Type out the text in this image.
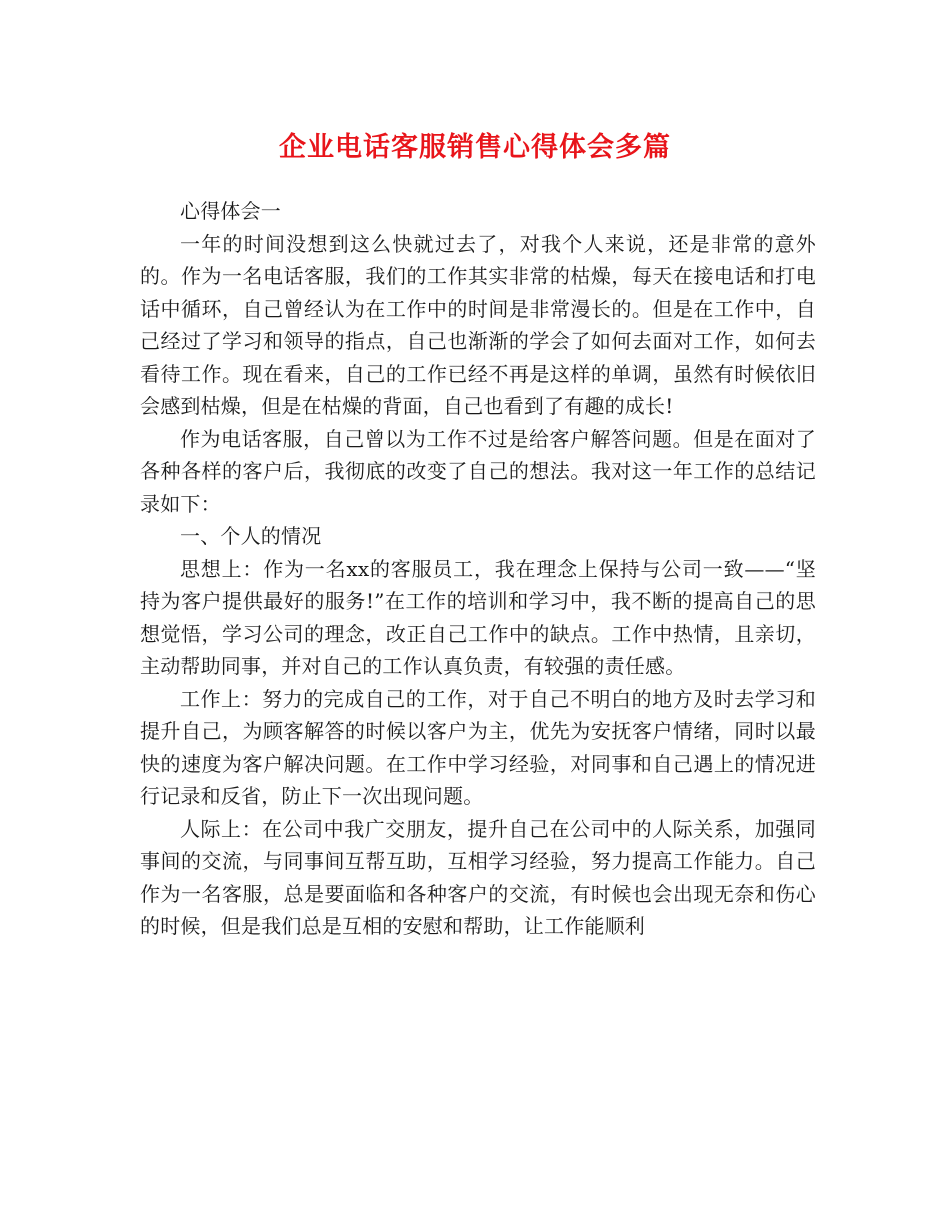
企业电话客服销售心得体会多篇

心得体会一

一年的时间没想到这么快就过去了，对我个人来说，还是非常的意外的。作为一名电话客服，我们的工作其实非常的枯燥，每天在接电话和打电话中循环，自己曾经认为在工作中的时间是非常漫长的。但是在工作中，自己经过了学习和领导的指点，自己也渐渐的学会了如何去面对工作，如何去看待工作。现在看来，自己的工作已经不再是这样的单调，虽然有时候依旧会感到枯燥，但是在枯燥的背面，自己也看到了有趣的成长!

作为电话客服，自己曾以为工作不过是给客户解答问题。但是在面对了各种各样的客户后，我彻底的改变了自己的想法。我对这一年工作的总结记录如下：

一、个人的情况

思想上：作为一名xx的客服员工，我在理念上保持与公司一致——“坚持为客户提供最好的服务!”在工作的培训和学习中，我不断的提高自己的思想觉悟，学习公司的理念，改正自己工作中的缺点。工作中热情，且亲切，主动帮助同事，并对自己的工作认真负责，有较强的责任感。

工作上：努力的完成自己的工作，对于自己不明白的地方及时去学习和提升自己，为顾客解答的时候以客户为主，优先为安抚客户情绪，同时以最快的速度为客户解决问题。在工作中学习经验，对同事和自己遇上的情况进行记录和反省，防止下一次出现问题。

人际上：在公司中我广交朋友，提升自己在公司中的人际关系，加强同事间的交流，与同事间互帮互助，互相学习经验，努力提高工作能力。自己作为一名客服，总是要面临和各种客户的交流，有时候也会出现无奈和伤心的时候，但是我们总是互相的安慰和帮助，让工作能顺利
